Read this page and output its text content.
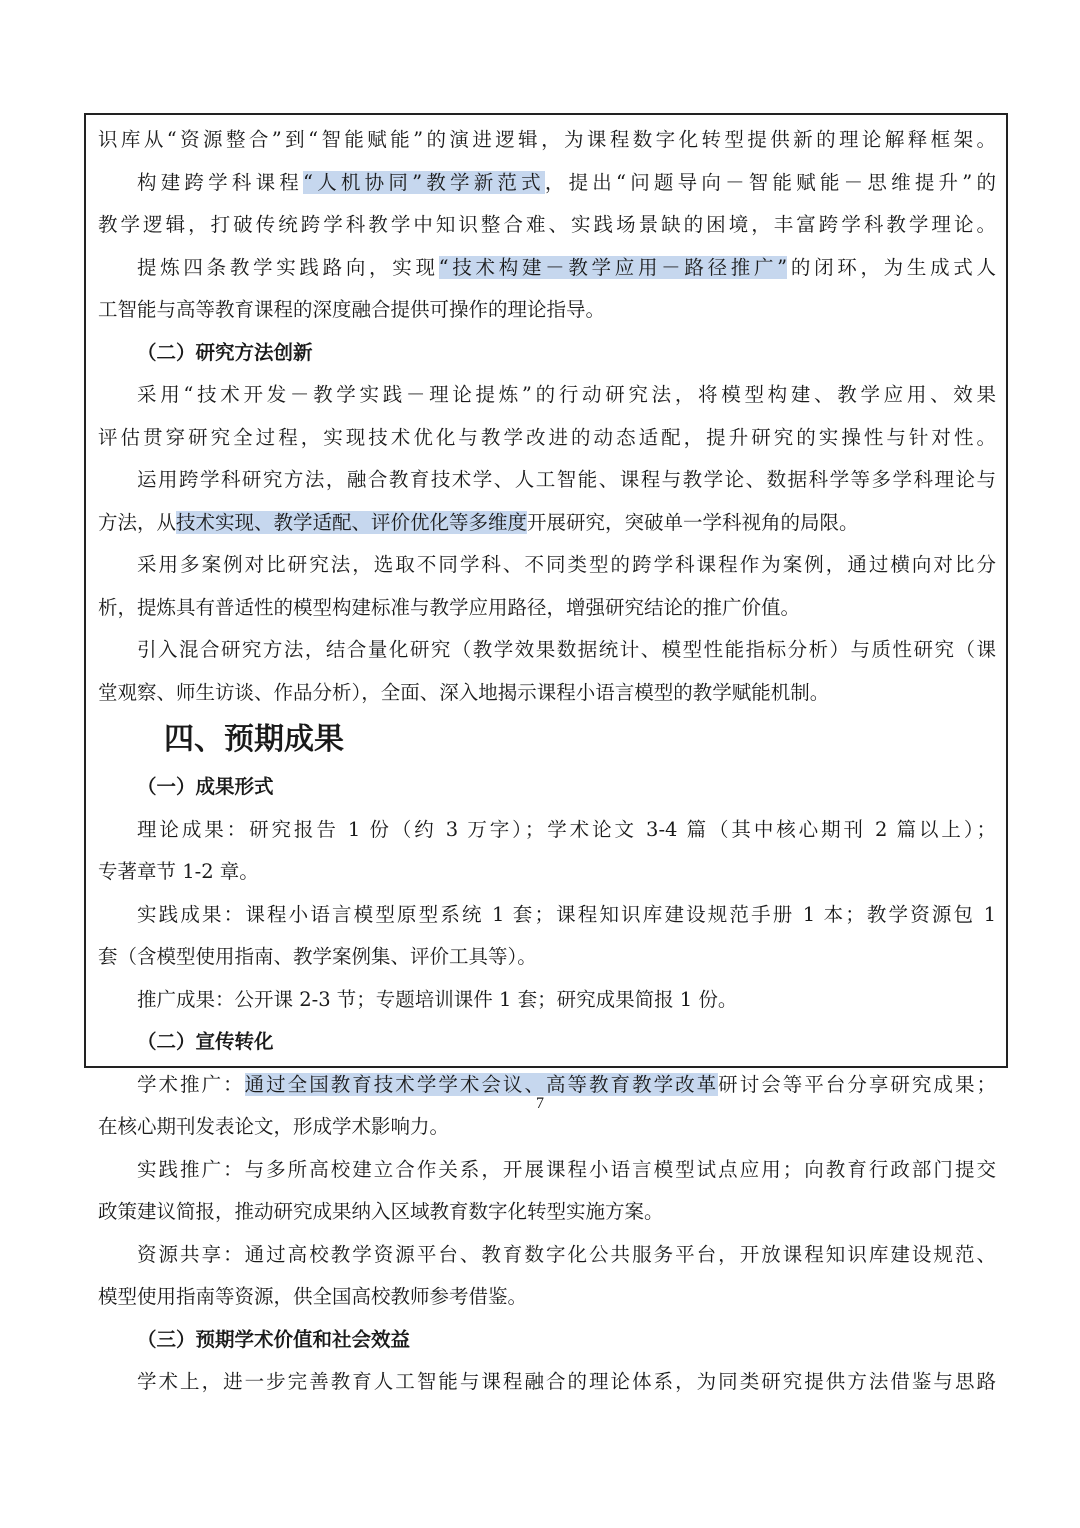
识库从“资源整合”到“智能赋能”的演进逻辑，为课程数字化转型提供新的理论解释框架。
构建跨学科课程“人机协同”教学新范式，提出“问题导向－智能赋能－思维提升”的
教学逻辑，打破传统跨学科教学中知识整合难、实践场景缺的困境，丰富跨学科教学理论。
提炼四条教学实践路向，实现“技术构建－教学应用－路径推广”的闭环，为生成式人
工智能与高等教育课程的深度融合提供可操作的理论指导。
（二）研究方法创新
采用“技术开发－教学实践－理论提炼”的行动研究法，将模型构建、教学应用、效果
评估贯穿研究全过程，实现技术优化与教学改进的动态适配，提升研究的实操性与针对性。
运用跨学科研究方法，融合教育技术学、人工智能、课程与教学论、数据科学等多学科理论与
方法，从技术实现、教学适配、评价优化等多维度开展研究，突破单一学科视角的局限。
采用多案例对比研究法，选取不同学科、不同类型的跨学科课程作为案例，通过横向对比分
析，提炼具有普适性的模型构建标准与教学应用路径，增强研究结论的推广价值。
引入混合研究方法，结合量化研究（教学效果数据统计、模型性能指标分析）与质性研究（课
堂观察、师生访谈、作品分析），全面、深入地揭示课程小语言模型的教学赋能机制。
四、预期成果
（一）成果形式
理论成果：研究报告 1 份（约 3 万字）；学术论文 3-4 篇（其中核心期刊 2 篇以上）；
专著章节 1-2 章。
实践成果：课程小语言模型原型系统 1 套；课程知识库建设规范手册 1 本；教学资源包 1
套（含模型使用指南、教学案例集、评价工具等）。
推广成果：公开课 2-3 节；专题培训课件 1 套；研究成果简报 1 份。
（二）宣传转化
学术推广：通过全国教育技术学学术会议、高等教育教学改革研讨会等平台分享研究成果；
在核心期刊发表论文，形成学术影响力。
实践推广：与多所高校建立合作关系，开展课程小语言模型试点应用；向教育行政部门提交
政策建议简报，推动研究成果纳入区域教育数字化转型实施方案。
资源共享：通过高校教学资源平台、教育数字化公共服务平台，开放课程知识库建设规范、
模型使用指南等资源，供全国高校教师参考借鉴。
（三）预期学术价值和社会效益
学术上，进一步完善教育人工智能与课程融合的理论体系，为同类研究提供方法借鉴与思路
7
